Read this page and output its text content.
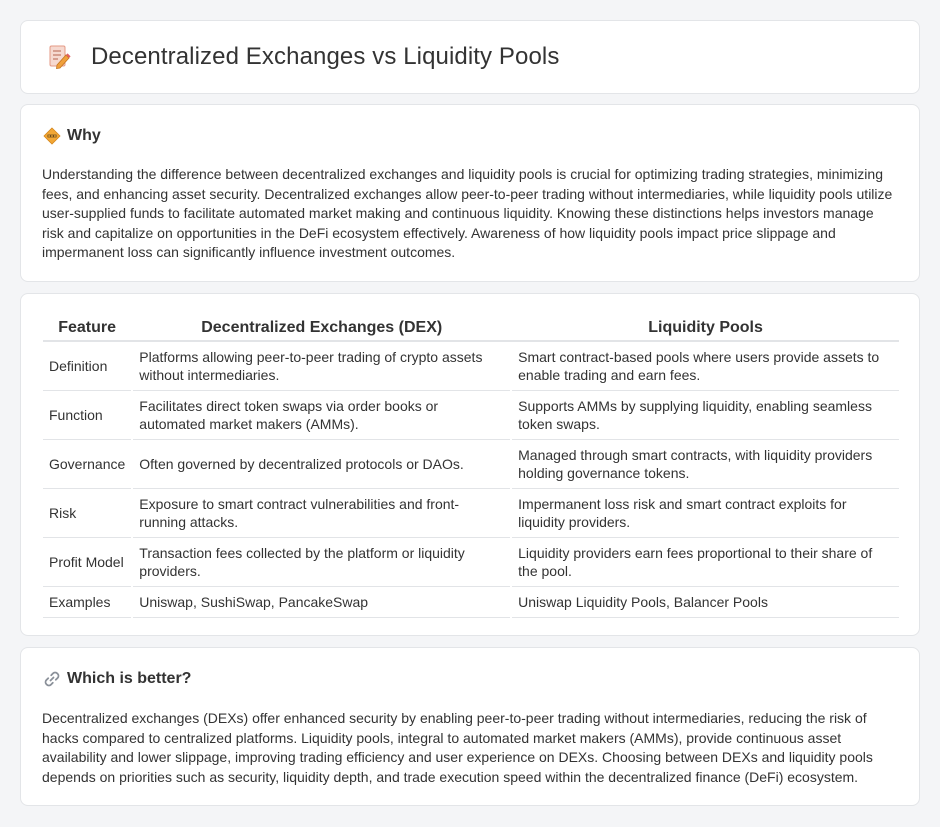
Decentralized Exchanges vs Liquidity Pools
Why

Understanding the difference between decentralized exchanges and liquidity pools is crucial for optimizing trading strategies, minimizing fees, and enhancing asset security. Decentralized exchanges allow peer-to-peer trading without intermediaries, while liquidity pools utilize user-supplied funds to facilitate automated market making and continuous liquidity. Knowing these distinctions helps investors manage risk and capitalize on opportunities in the DeFi ecosystem effectively. Awareness of how liquidity pools impact price slippage and impermanent loss can significantly influence investment outcomes.

Feature	Decentralized Exchanges (DEX)	Liquidity Pools
Definition	Platforms allowing peer-to-peer trading of crypto assets without intermediaries.	Smart contract-based pools where users provide assets to enable trading and earn fees.
Function	Facilitates direct token swaps via order books or automated market makers (AMMs).	Supports AMMs by supplying liquidity, enabling seamless token swaps.
Governance	Often governed by decentralized protocols or DAOs.	Managed through smart contracts, with liquidity providers holding governance tokens.
Risk	Exposure to smart contract vulnerabilities and front-running attacks.	Impermanent loss risk and smart contract exploits for liquidity providers.
Profit Model	Transaction fees collected by the platform or liquidity providers.	Liquidity providers earn fees proportional to their share of the pool.
Examples	Uniswap, SushiSwap, PancakeSwap	Uniswap Liquidity Pools, Balancer Pools
Which is better?

Decentralized exchanges (DEXs) offer enhanced security by enabling peer-to-peer trading without intermediaries, reducing the risk of hacks compared to centralized platforms. Liquidity pools, integral to automated market makers (AMMs), provide continuous asset availability and lower slippage, improving trading efficiency and user experience on DEXs. Choosing between DEXs and liquidity pools depends on priorities such as security, liquidity depth, and trade execution speed within the decentralized finance (DeFi) ecosystem.
